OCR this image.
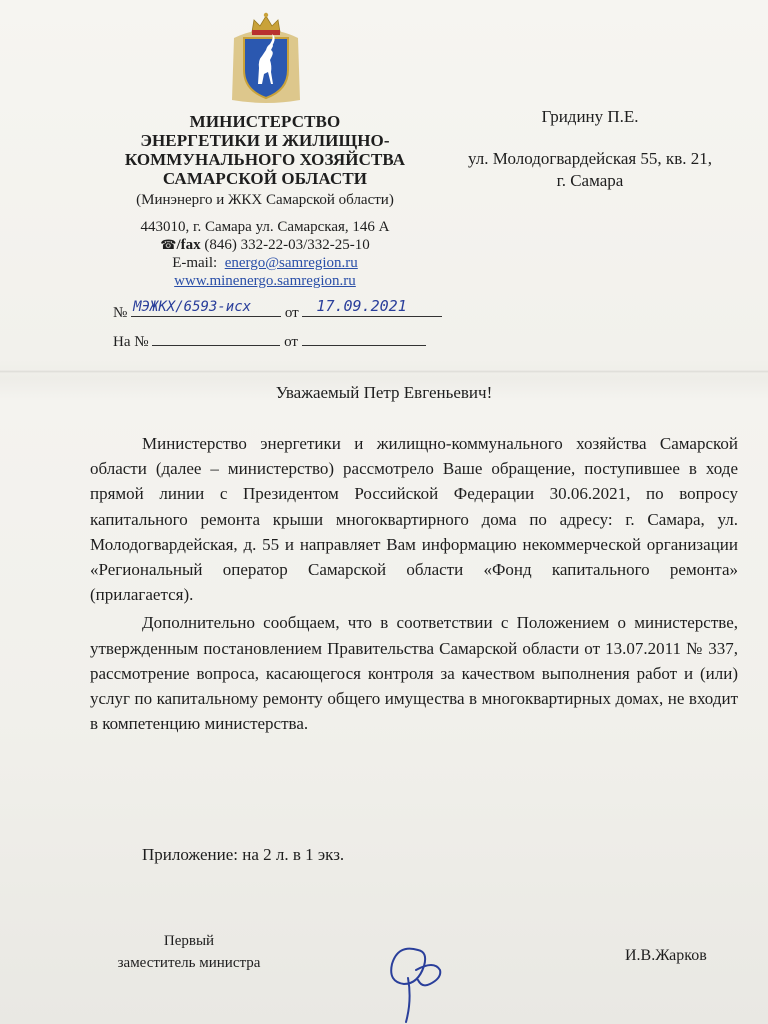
МИНИСТЕРСТВО
ЭНЕРГЕТИКИ И ЖИЛИЩНО-
КОММУНАЛЬНОГО ХОЗЯЙСТВА
САМАРСКОЙ ОБЛАСТИ
(Минэнерго и ЖКХ Самарской области)
443010, г. Самара ул. Самарская, 146 А
☎/fax (846) 332-22-03/332-25-10
E-mail: energo@samregion.ru
www.minenergo.samregion.ru
№ МЭЖКХ/6593-исх от 17.09.2021
На №	от
Гридину П.Е.
ул. Молодогвардейская 55, кв. 21,
г. Самара
Уважаемый Петр Евгеньевич!

Министерство энергетики и жилищно-коммунального хозяйства Самарской области (далее – министерство) рассмотрело Ваше обращение, поступившее в ходе прямой линии с Президентом Российской Федерации 30.06.2021, по вопросу капитального ремонта крыши многоквартирного дома по адресу: г. Самара, ул. Молодогвардейская, д. 55 и направляет Вам информацию некоммерческой организации «Региональный оператор Самарской области «Фонд капитального ремонта» (прилагается).

Дополнительно сообщаем, что в соответствии с Положением о министерстве, утвержденным постановлением Правительства Самарской области от 13.07.2011 № 337, рассмотрение вопроса, касающегося контроля за качеством выполнения работ и (или) услуг по капитальному ремонту общего имущества в многоквартирных домах, не входит в компетенцию министерства.

Приложение: на 2 л. в 1 экз.
Первый
заместитель министра	И.В.Жарков
